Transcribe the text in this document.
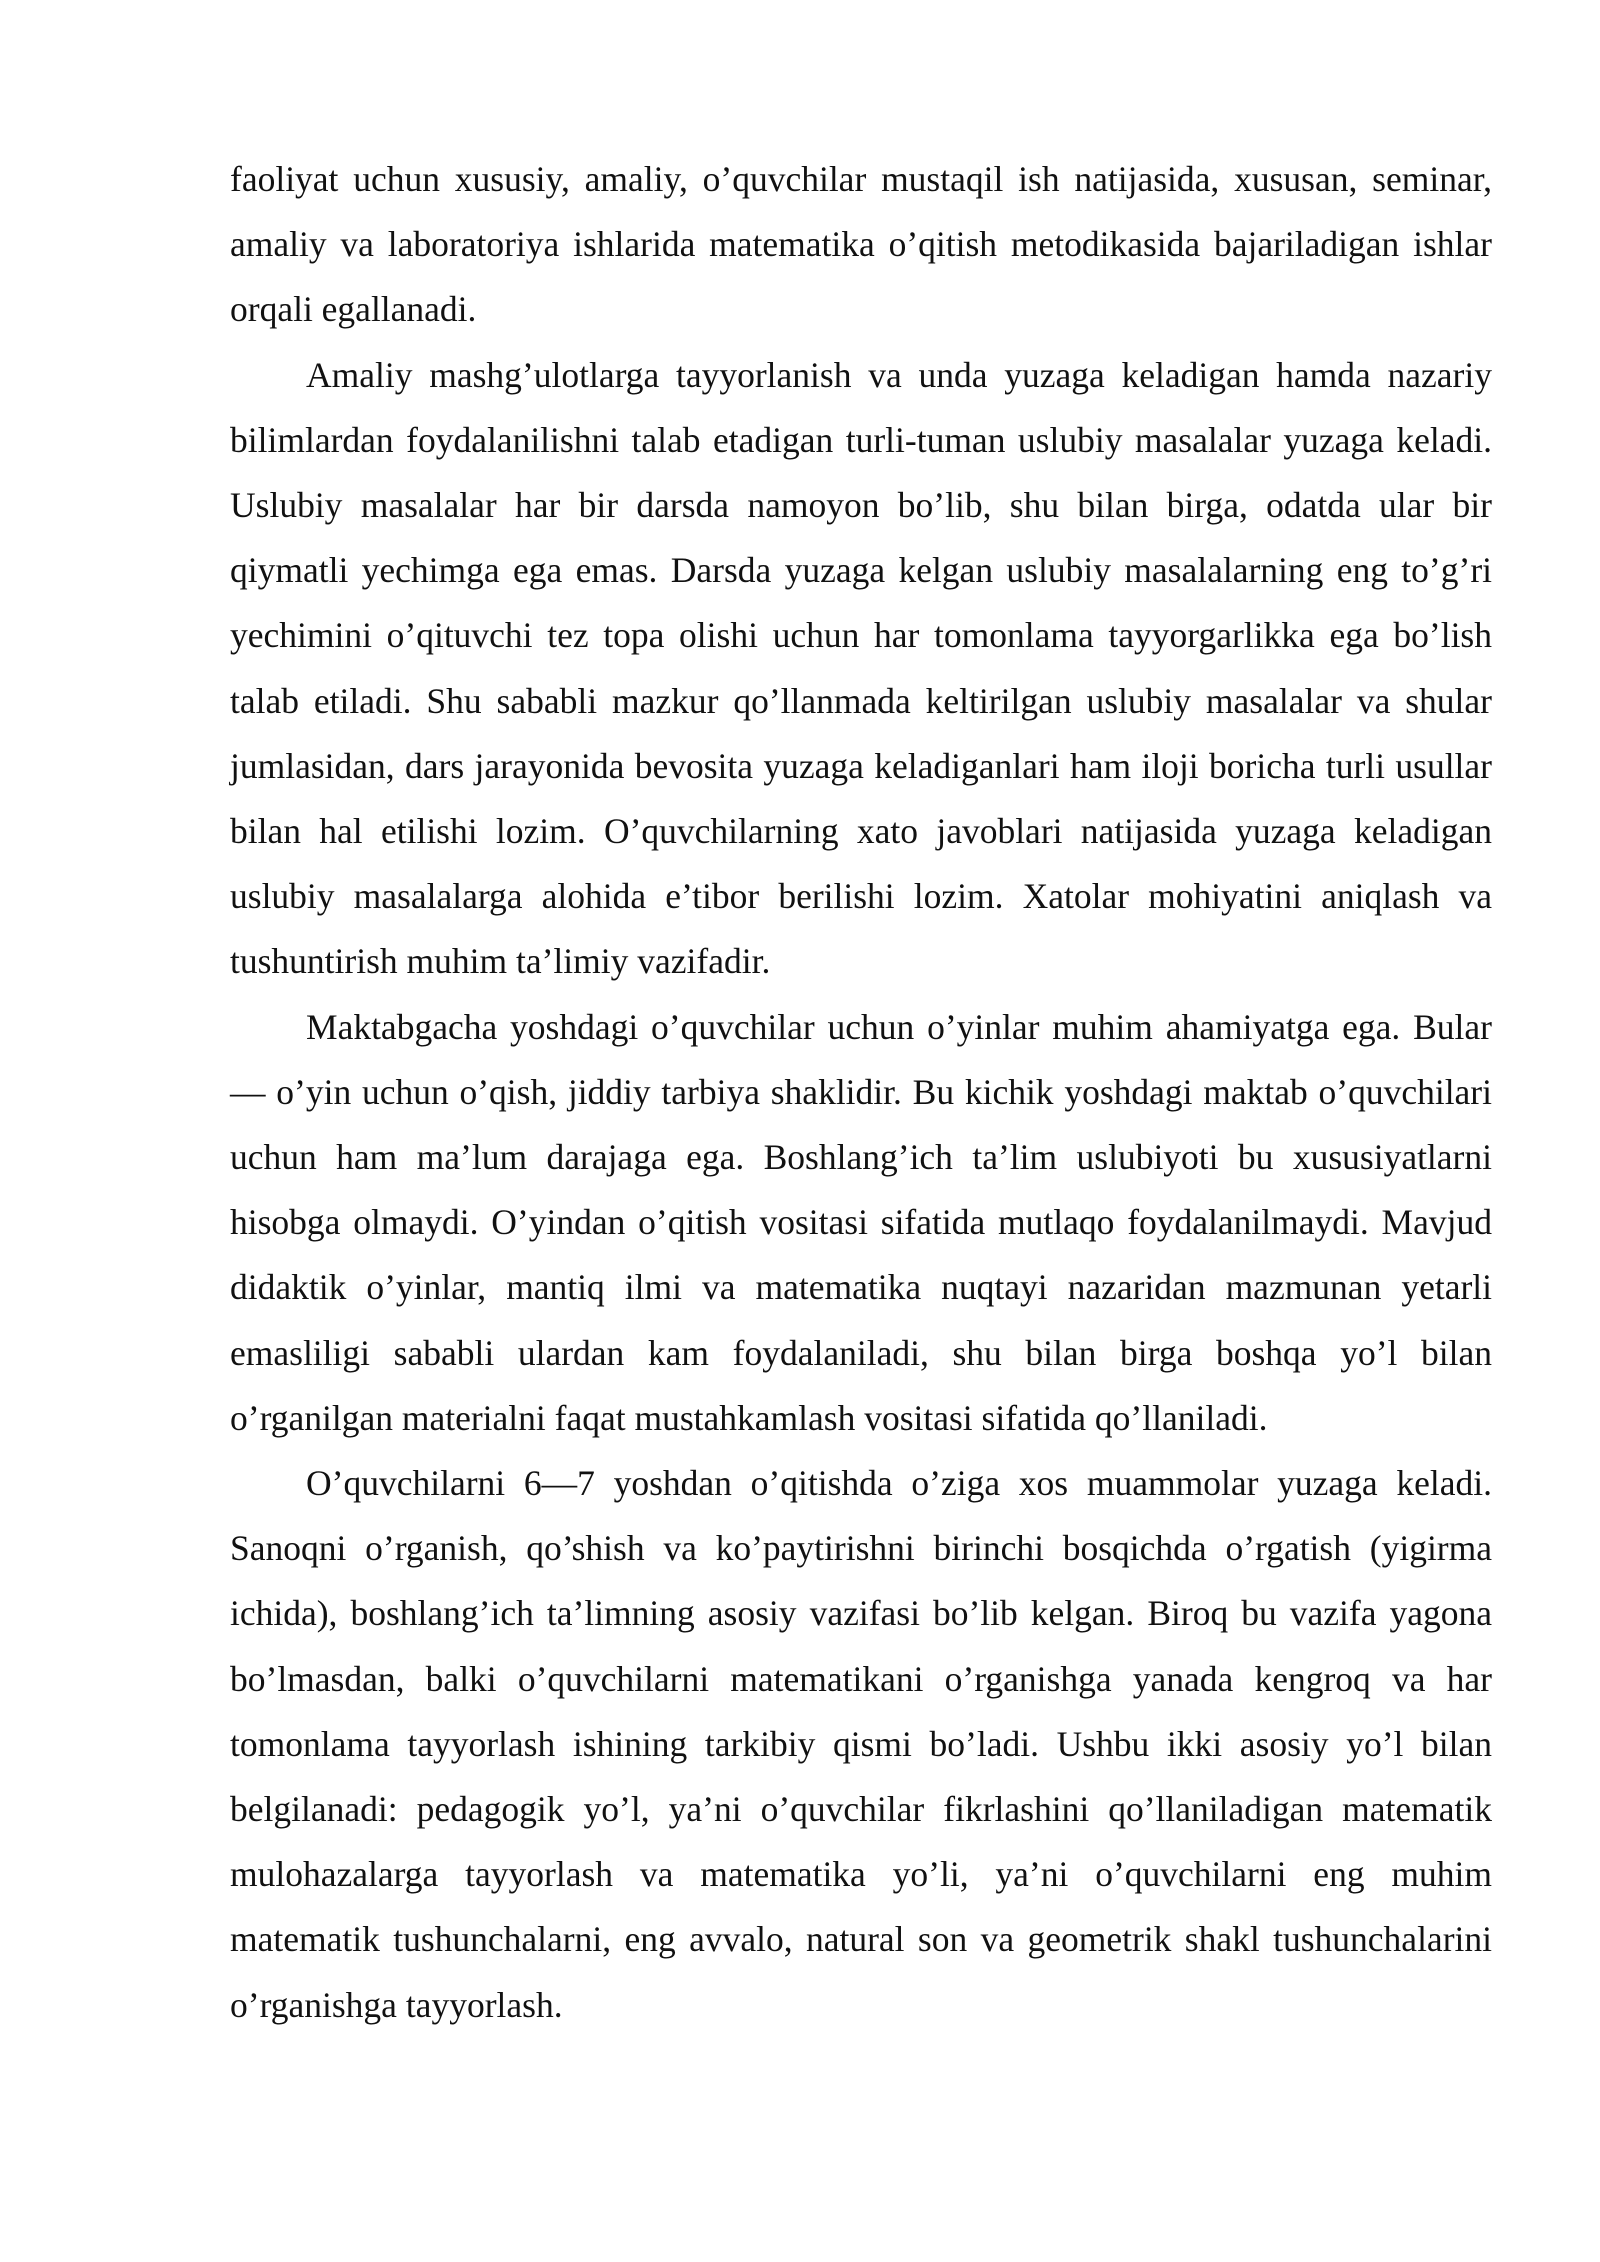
faoliyat uchun xususiy, amaliy, o’quvchilar mustaqil ish natijasida, xususan, seminar, amaliy va laboratoriya ishlarida matematika o’qitish metodikasida bajariladigan ishlar orqali egallanadi.

Amaliy mashg’ulotlarga tayyorlanish va unda yuzaga keladigan hamda nazariy bilimlardan foydalanilishni talab etadigan turli-tuman uslubiy masalalar yuzaga keladi. Uslubiy masalalar har bir darsda namoyon bo’lib, shu bilan birga, odatda ular bir qiymatli yechimga ega emas. Darsda yuzaga kelgan uslubiy masalalarning eng to’g’ri yechimini o’qituvchi tez topa olishi uchun har tomonlama tayyorgarlikka ega bo’lish talab etiladi. Shu sababli mazkur qo’llanmada keltirilgan uslubiy masalalar va shular jumlasidan, dars jarayonida bevosita yuzaga keladiganlari ham iloji boricha turli usullar bilan hal etilishi lozim. O’quvchilarning xato javoblari natijasida yuzaga keladigan uslubiy masalalarga alohida e’tibor berilishi lozim. Xatolar mohiyatini aniqlash va tushuntirish muhim ta’limiy vazifadir.

Maktabgacha yoshdagi o’quvchilar uchun o’yinlar muhim ahamiyatga ega. Bular — o’yin uchun o’qish, jiddiy tarbiya shaklidir. Bu kichik yoshdagi maktab o’quvchilari uchun ham ma’lum darajaga ega. Boshlang’ich ta’lim uslubiyoti bu xususiyatlarni hisobga olmaydi. O’yindan o’qitish vositasi sifatida mutlaqo foydalanilmaydi. Mavjud didaktik o’yinlar, mantiq ilmi va matematika nuqtayi nazaridan mazmunan yetarli emasliligi sababli ulardan kam foydalaniladi, shu bilan birga boshqa yo’l bilan o’rganilgan materialni faqat mustahkamlash vositasi sifatida qo’llaniladi.

O’quvchilarni 6—7 yoshdan o’qitishda o’ziga xos muammolar yuzaga keladi. Sanoqni o’rganish, qo’shish va ko’paytirishni birinchi bosqichda o’rgatish (yigirma ichida), boshlang’ich ta’limning asosiy vazifasi bo’lib kelgan. Biroq bu vazifa yagona bo’lmasdan, balki o’quvchilarni matematikani o’rganishga yanada kengroq va har tomonlama tayyorlash ishining tarkibiy qismi bo’ladi. Ushbu ikki asosiy yo’l bilan belgilanadi: pedagogik yo’l, ya’ni o’quvchilar fikrlashini qo’llaniladigan matematik mulohazalarga tayyorlash va matematika yo’li, ya’ni o’quvchilarni eng muhim matematik tushunchalarni, eng avvalo, natural son va geometrik shakl tushunchalarini o’rganishga tayyorlash.
